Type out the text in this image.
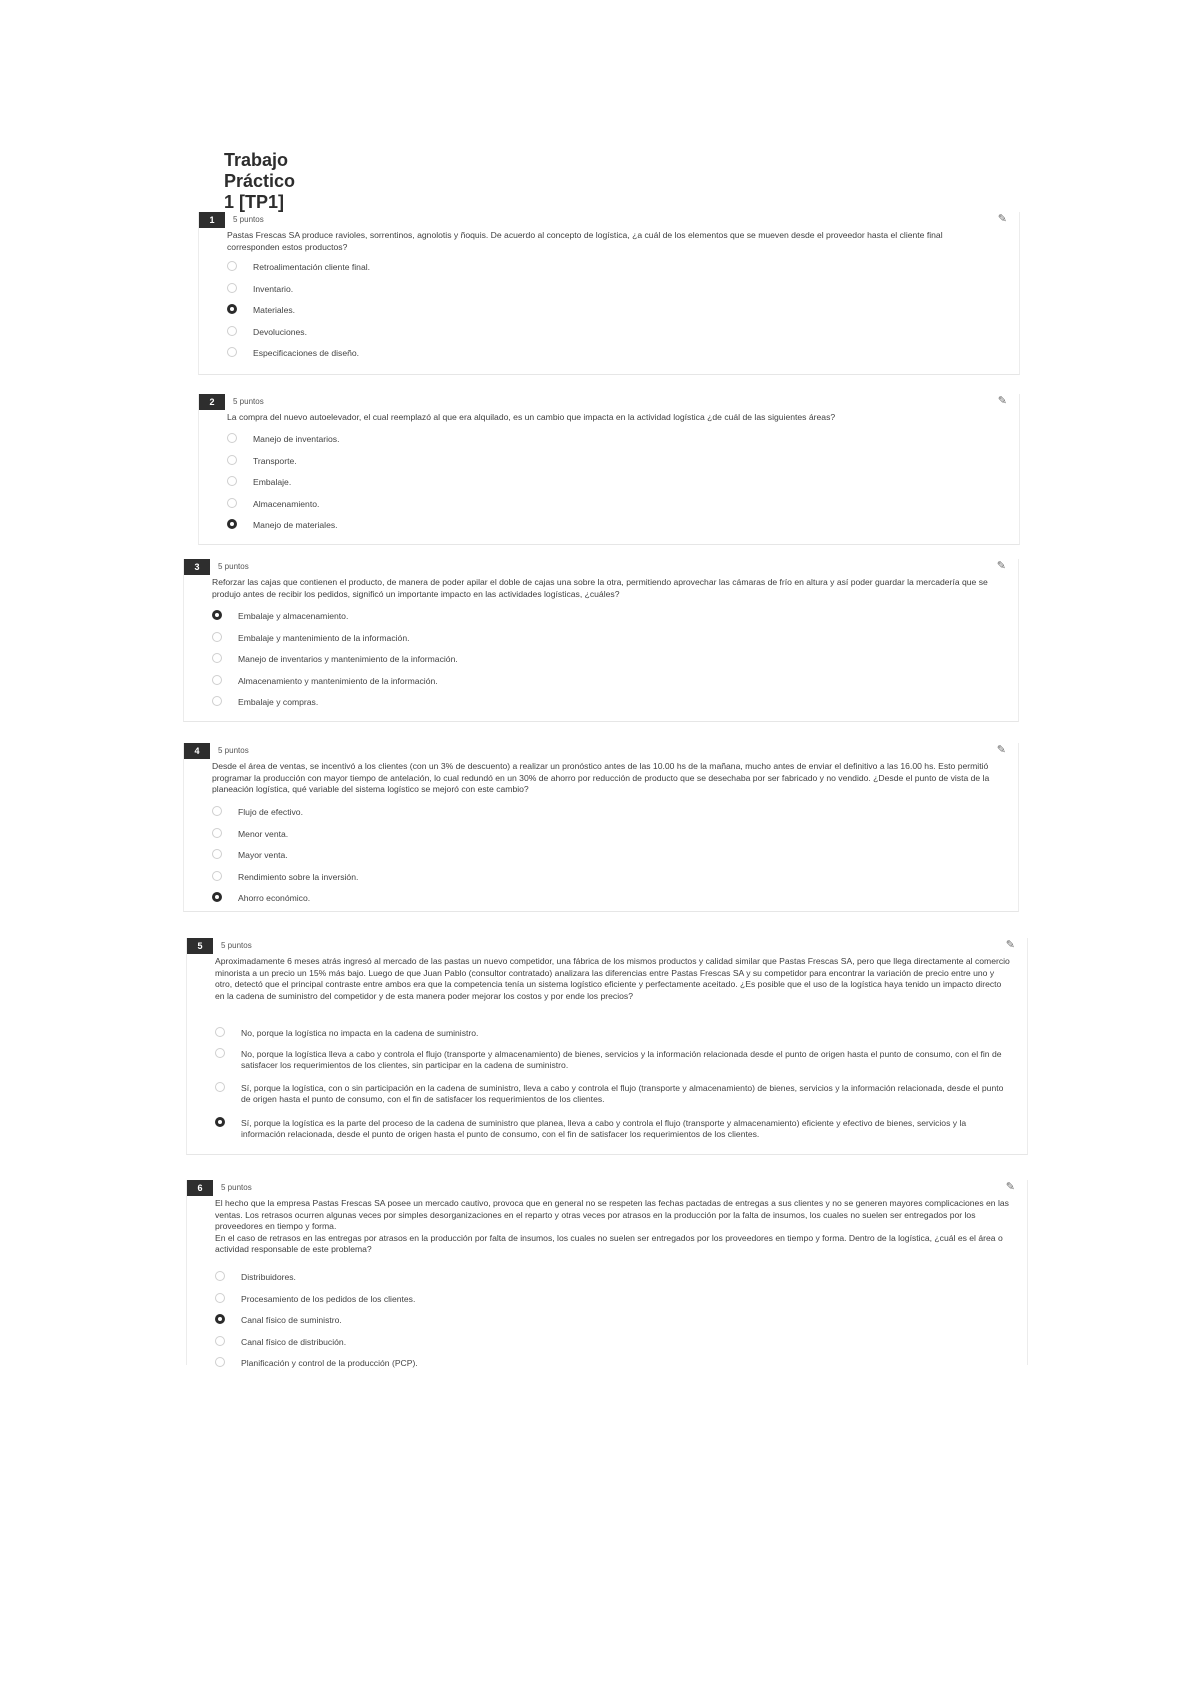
Trabajo Práctico 1 [TP1]
1	5 puntos	✎

Pastas Frescas SA produce ravioles, sorrentinos, agnolotis y ñoquis. De acuerdo al concepto de logística, ¿a cuál de los elementos que se mueven desde el proveedor hasta el cliente final corresponden estos productos?

Retroalimentación cliente final.
Inventario.
Materiales.
Devoluciones.
Especificaciones de diseño.
2	5 puntos	✎

La compra del nuevo autoelevador, el cual reemplazó al que era alquilado, es un cambio que impacta en la actividad logística ¿de cuál de las siguientes áreas?

Manejo de inventarios.
Transporte.
Embalaje.
Almacenamiento.
Manejo de materiales.
3	5 puntos	✎

Reforzar las cajas que contienen el producto, de manera de poder apilar el doble de cajas una sobre la otra, permitiendo aprovechar las cámaras de frío en altura y así poder guardar la mercadería que se produjo antes de recibir los pedidos, significó un importante impacto en las actividades logísticas, ¿cuáles?

Embalaje y almacenamiento.
Embalaje y mantenimiento de la información.
Manejo de inventarios y mantenimiento de la información.
Almacenamiento y mantenimiento de la información.
Embalaje y compras.
4	5 puntos	✎

Desde el área de ventas, se incentivó a los clientes (con un 3% de descuento) a realizar un pronóstico antes de las 10.00 hs de la mañana, mucho antes de enviar el definitivo a las 16.00 hs. Esto permitió programar la producción con mayor tiempo de antelación, lo cual redundó en un 30% de ahorro por reducción de producto que se desechaba por ser fabricado y no vendido. ¿Desde el punto de vista de la planeación logística, qué variable del sistema logístico se mejoró con este cambio?

Flujo de efectivo.
Menor venta.
Mayor venta.
Rendimiento sobre la inversión.
Ahorro económico.
5	5 puntos	✎

Aproximadamente 6 meses atrás ingresó al mercado de las pastas un nuevo competidor, una fábrica de los mismos productos y calidad similar que Pastas Frescas SA, pero que llega directamente al comercio minorista a un precio un 15% más bajo. Luego de que Juan Pablo (consultor contratado) analizara las diferencias entre Pastas Frescas SA y su competidor para encontrar la variación de precio entre uno y otro, detectó que el principal contraste entre ambos era que la competencia tenía un sistema logístico eficiente y perfectamente aceitado. ¿Es posible que el uso de la logística haya tenido un impacto directo en la cadena de suministro del competidor y de esta manera poder mejorar los costos y por ende los precios?

No, porque la logística no impacta en la cadena de suministro.
No, porque la logística lleva a cabo y controla el flujo (transporte y almacenamiento) de bienes, servicios y la información relacionada desde el punto de origen hasta el punto de consumo, con el fin de satisfacer los requerimientos de los clientes, sin participar en la cadena de suministro.
Sí, porque la logística, con o sin participación en la cadena de suministro, lleva a cabo y controla el flujo (transporte y almacenamiento) de bienes, servicios y la información relacionada, desde el punto de origen hasta el punto de consumo, con el fin de satisfacer los requerimientos de los clientes.
Sí, porque la logística es la parte del proceso de la cadena de suministro que planea, lleva a cabo y controla el flujo (transporte y almacenamiento) eficiente y efectivo de bienes, servicios y la información relacionada, desde el punto de origen hasta el punto de consumo, con el fin de satisfacer los requerimientos de los clientes.
6	5 puntos	✎

El hecho que la empresa Pastas Frescas SA posee un mercado cautivo, provoca que en general no se respeten las fechas pactadas de entregas a sus clientes y no se generen mayores complicaciones en las ventas. Los retrasos ocurren algunas veces por simples desorganizaciones en el reparto y otras veces por atrasos en la producción por la falta de insumos, los cuales no suelen ser entregados por los proveedores en tiempo y forma.

En el caso de retrasos en las entregas por atrasos en la producción por falta de insumos, los cuales no suelen ser entregados por los proveedores en tiempo y forma. Dentro de la logística, ¿cuál es el área o actividad responsable de este problema?

Distribuidores.
Procesamiento de los pedidos de los clientes.
Canal físico de suministro.
Canal físico de distribución.
Planificación y control de la producción (PCP).
